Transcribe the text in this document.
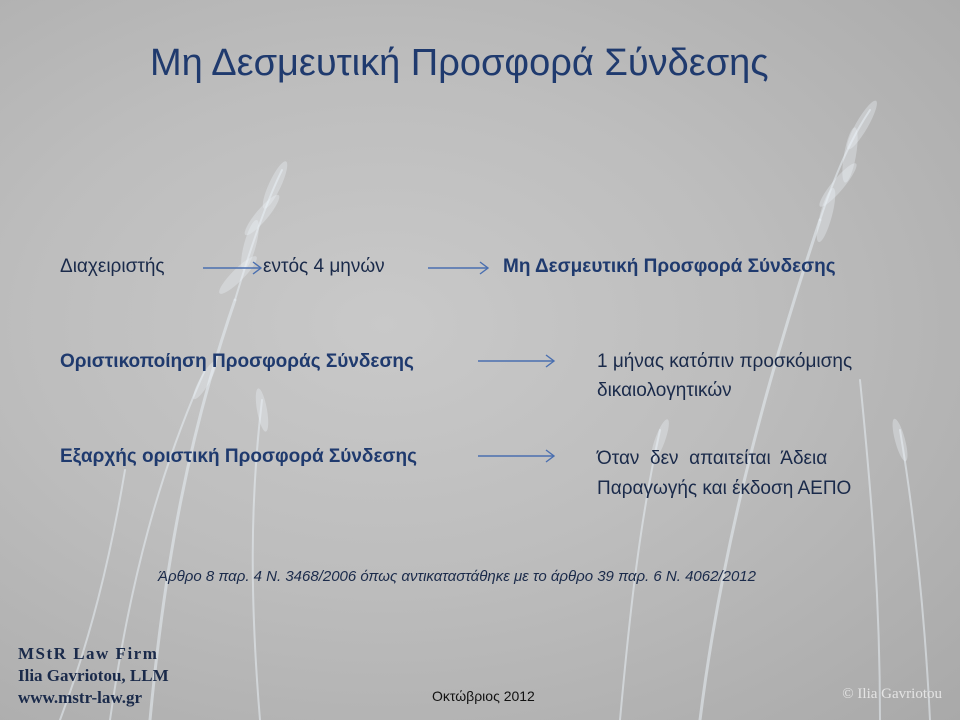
Μη Δεσμευτική Προσφορά Σύνδεσης
Διαχειριστής	εντός 4 μηνών	Μη Δεσμευτική Προσφορά Σύνδεσης
Οριστικοποίηση Προσφοράς Σύνδεσης	1 μήνας κατόπιν προσκόμισης
δικαιολογητικών
Εξαρχής οριστική Προσφορά Σύνδεσης	Όταν  δεν  απαιτείται  Άδεια
Παραγωγής και έκδοση ΑΕΠΟ
Άρθρο 8 παρ. 4 Ν. 3468/2006 όπως αντικαταστάθηκε με το άρθρο 39 παρ. 6 Ν. 4062/2012
MStR Law Firm
Ilia Gavriotou, LLM
www.mstr-law.gr	Οκτώβριος 2012	© Ilia Gavriotou
